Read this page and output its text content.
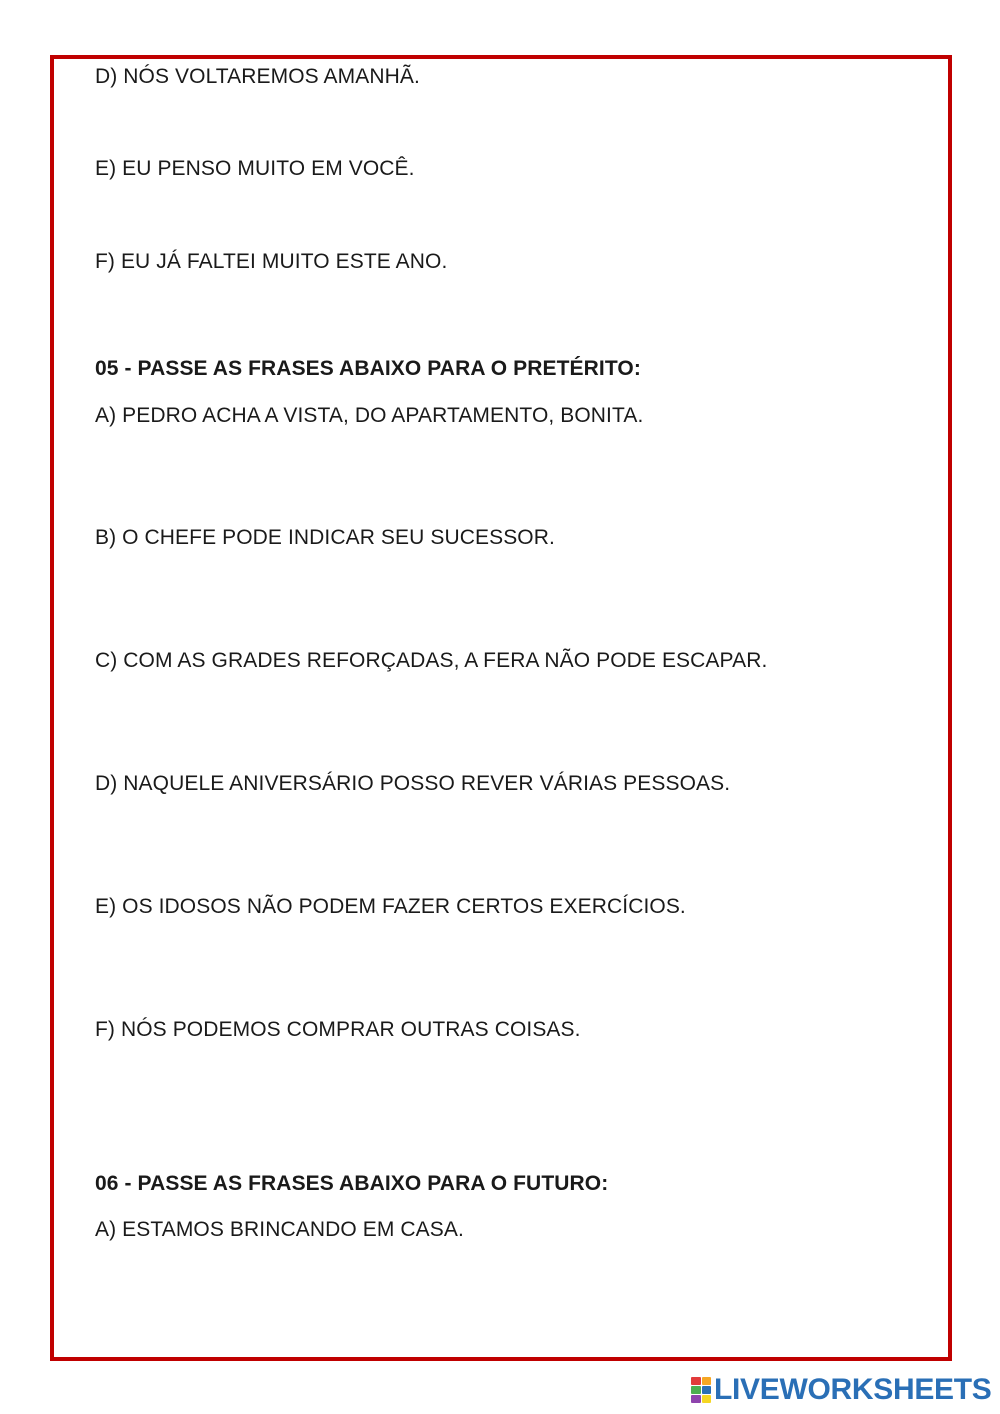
D) NÓS VOLTAREMOS AMANHÃ.
E) EU PENSO MUITO EM VOCÊ.
F) EU JÁ FALTEI MUITO ESTE ANO.
05 - PASSE AS FRASES ABAIXO PARA O PRETÉRITO:
A) PEDRO ACHA A VISTA, DO APARTAMENTO, BONITA.
B) O CHEFE PODE INDICAR SEU SUCESSOR.
C) COM AS GRADES REFORÇADAS, A FERA NÃO PODE ESCAPAR.
D) NAQUELE ANIVERSÁRIO POSSO REVER VÁRIAS PESSOAS.
E) OS IDOSOS NÃO PODEM FAZER CERTOS EXERCÍCIOS.
F) NÓS PODEMOS COMPRAR OUTRAS COISAS.
06 - PASSE AS FRASES ABAIXO PARA O FUTURO:
A) ESTAMOS BRINCANDO EM CASA.
LIVEWORKSHEETS
